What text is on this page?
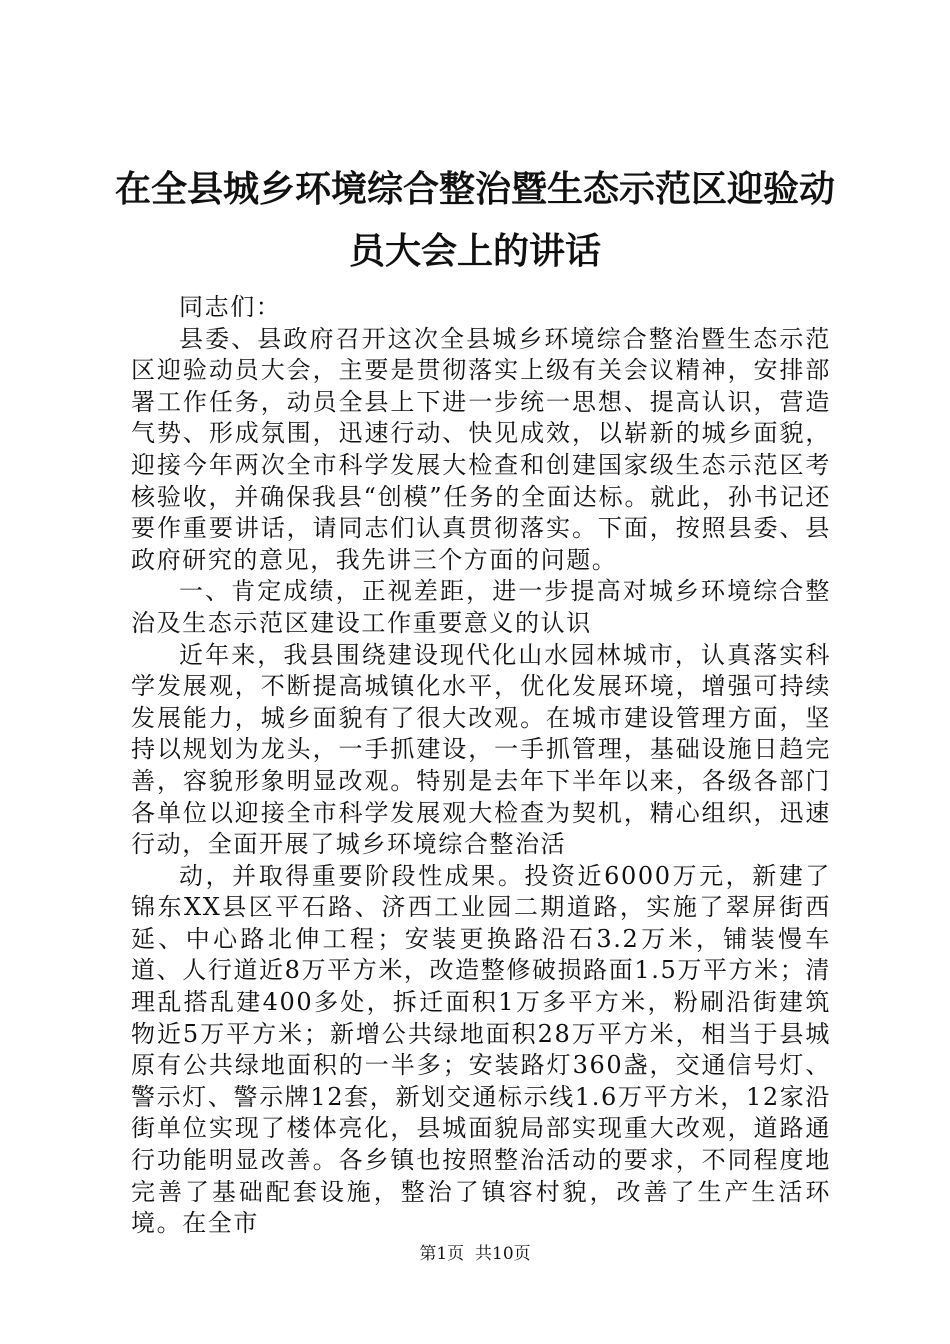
在全县城乡环境综合整治暨生态示范区迎验动员大会上的讲话

同志们：

县委、县政府召开这次全县城乡环境综合整治暨生态示范区迎验动员大会，主要是贯彻落实上级有关会议精神，安排部署工作任务，动员全县上下进一步统一思想、提高认识，营造气势、形成氛围，迅速行动、快见成效，以崭新的城乡面貌，迎接今年两次全市科学发展大检查和创建国家级生态示范区考核验收，并确保我县“创模”任务的全面达标。就此，孙书记还要作重要讲话，请同志们认真贯彻落实。下面，按照县委、县政府研究的意见，我先讲三个方面的问题。

一、肯定成绩，正视差距，进一步提高对城乡环境综合整治及生态示范区建设工作重要意义的认识

近年来，我县围绕建设现代化山水园林城市，认真落实科学发展观，不断提高城镇化水平，优化发展环境，增强可持续发展能力，城乡面貌有了很大改观。在城市建设管理方面，坚持以规划为龙头，一手抓建设，一手抓管理，基础设施日趋完善，容貌形象明显改观。特别是去年下半年以来，各级各部门各单位以迎接全市科学发展观大检查为契机，精心组织，迅速行动，全面开展了城乡环境综合整治活

动，并取得重要阶段性成果。投资近6000万元，新建了锦东XX县区平石路、济西工业园二期道路，实施了翠屏街西延、中心路北伸工程；安装更换路沿石3.2万米，铺装慢车道、人行道近8万平方米，改造整修破损路面1.5万平方米；清理乱搭乱建400多处，拆迁面积1万多平方米，粉刷沿街建筑物近5万平方米；新增公共绿地面积28万平方米，相当于县城原有公共绿地面积的一半多；安装路灯360盏，交通信号灯、警示灯、警示牌12套，新划交通标示线1.6万平方米，12家沿街单位实现了楼体亮化，县城面貌局部实现重大改观，道路通行功能明显改善。各乡镇也按照整治活动的要求，不同程度地完善了基础配套设施，整治了镇容村貌，改善了生产生活环境。在全市

第1页 共10页
